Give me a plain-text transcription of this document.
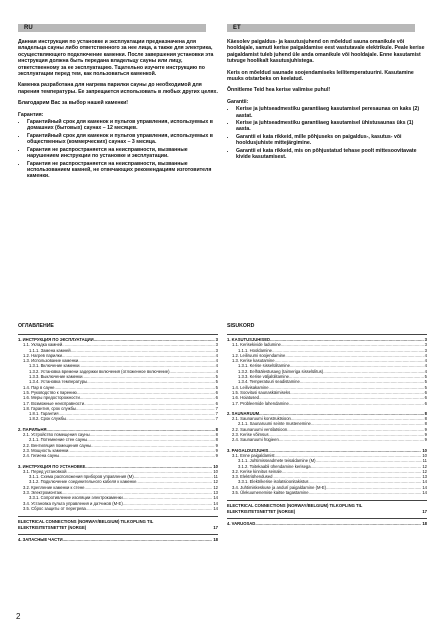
RU

Данная инструкция по установке и эксплуатации предназначена для владельца сауны либо ответственного за нее лица, а также для электрика, осуществляющего подключение каменки. После завершения установки эта инструкция должна быть передана владельцу сауны или лицу, ответственному за ее эксплуатацию. Тщательно изучите инструкцию по эксплуатации перед тем, как пользоваться каменкой.

Каменка разработана для нагрева парилки сауны до необходимой для парения температуры. Ее запрещается использовать в любых других целях.

Благодарим Вас за выбор нашей каменки!

Гарантия:

• Гарантийный срок для каменок и пультов управления, используемых в домашних (бытовых) саунах – 12 месяцев.
• Гарантийный срок для каменок и пультов управления, используемых в общественных (коммерческих) саунах – 3 месяца.
• Гарантия не распространяется на неисправности, вызванные нарушением инструкции по установке и эксплуатации.
• Гарантия не распространяется на неисправности, вызванные использованием камней, не отвечающих рекомендациям изготовителя каменки.
ОГЛАВЛЕНИЕ
1. ИНСТРУКЦИЯ ПО ЭКСПЛУАТАЦИИ .....	3
1.1. Укладка камней .....	3
1.1.1. Замена камней .....	3
1.2. Нагрев парилки .....	4
1.3. Использование каменки .....	4
1.3.1. Включение каменки .....	4
1.3.2. Установка времени задержки включения (отложенное включение) .....	4
1.3.3. Выключение каменки .....	5
1.3.4. Установка температуры .....	5
1.4. Пар в сауне .....	5
1.5. Руководство к парению .....	6
1.6. Меры предосторожности .....	6
1.7. Возможные неисправности .....	6
1.8. Гарантия, срок службы .....	7
1.8.1. Гарантия .....	7
1.8.2. Срок службы .....	7
2. ПАРИЛЬНЯ .....	8
2.1. Устройство помещения сауны .....	8
2.1.1. Потемнение стен сауны .....	8
2.2. Вентиляция помещения сауны .....	9
2.3. Мощность каменки .....	9
2.4. Гигиена сауны .....	9
3. ИНСТРУКЦИЯ ПО УСТАНОВКЕ .....	10
3.1. Перед установкой .....	10
3.1.1. Схема расположения приборов управления (M) .....	11
3.1.2. Подключение соединительного кабеля к каменке .....	12
3.2. Крепление каменки к стене .....	12
3.3. Электромонтаж .....	13
3.3.1. Сопротивление изоляции электрокаменки .....	14
3.4. Установка пульта управления и датчиков (M-E) .....	14
3.5. Сброс защиты от перегрева .....	14
ELECTRICAL CONNECTIONS (NORWAY/BELGIUM) TILKOPLING TIL ELEKTRISITETSNETTET (NORGE)	17
4. ЗАПАСНЫЕ ЧАСТИ .....	18
ET

Käesolev paigaldus- ja kasutusjuhend on mõeldud sauna omanikule või hooldajale, samuti kerise paigaldamise eest vastutavale elektrikule. Peale kerise paigaldamist tuleb juhend üle anda omanikule või hooldajale. Enne kasutamist tutvuge hoolikalt kasutusjuhistega.

Keris on mõeldud saunade soojendamiseks leilitemperatuurini. Kasutamine muuks otstarbeks on keelatud.

Õnnitleme Teid hea kerise valimise puhul!

Garantii:

• Kerise ja juhtseadmestiku garantiiaeg kasutamisel peresaunas on kaks (2) aastat.
• Kerise ja juhtseadmestiku garantiiaeg kasutamisel ühistusaunas üks (1) aasta.
• Garantii ei kata rikkeid, mille põhjuseks on paigaldus-, kasutus- või hooldusjuhiste mittejärgimine.
• Garantii ei kata rikkeid, mis on põhjustatud tehase poolt mittesoovitavate kivide kasutamisest.
SISUKORD
1. KASUTUSJUHISED .....	3
1.1. Kerisekivide ladumine .....	3
1.1.1. Hooldamine .....	3
1.2. Leiliruumi soojendamine .....	4
1.3. Kerise kasutamine .....	4
1.3.1. Kerise sisselülitamine .....	4
1.3.2. Eelhäälestusaeg (taimeriga sisselülitus) .....	4
1.3.3. Kerise väljalülitamine .....	5
1.3.4. Temperatuuri seadistamine .....	5
1.4. Leilivisakamine .....	5
1.5. Soovitusi saunaskäimiseks .....	6
1.6. Hoiatused .....	6
1.7. Probleemide lahendamine .....	6
2. SAUNARUUM .....	8
2.1. Saunaruumi konstruktsioon .....	8
2.1.1. Saunaruumi seinte mustenemine .....	8
2.2. Saunaruumi ventilatsioon .....	9
2.3. Kerise võimsus .....	9
2.4. Saunaruumi hügieen .....	9
3. PAIGALDUSJUHIS .....	10
3.1. Enne paigaldamist .....	10
3.1.1. Juhtimisseadmete teisaldamine (M) .....	11
3.1.2. Toitekaabli ühendamine kerisega .....	12
3.2. Kerise kinnitus seinale .....	12
3.3. Elektriühendused .....	13
3.3.1. Elektrikerise isolatsioonitakistus .....	14
3.4. Juhtimiskeskuse ja andurí paigaldamine (M-E) .....	14
3.5. Ülekuumenemise kaitse tagastamine .....	14
ELECTRICAL CONNECTIONS (NORWAY/BELGIUM) TILKOPLING TIL ELEKTRISITETSNETTET (NORGE)	17
4. VARUOSAD .....	18
2
